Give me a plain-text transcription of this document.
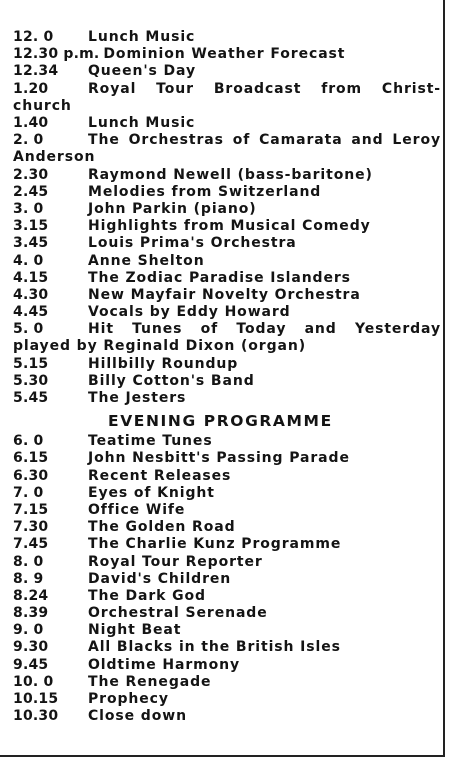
12. 0	Lunch Music
12.30 p.m. Dominion Weather Forecast
12.34	Queen's Day
1.20	Royal Tour Broadcast from Christ-church
1.40	Lunch Music
2. 0	The Orchestras of Camarata and Leroy Anderson
2.30	Raymond Newell (bass-baritone)
2.45	Melodies from Switzerland
3. 0	John Parkin (piano)
3.15	Highlights from Musical Comedy
3.45	Louis Prima's Orchestra
4. 0	Anne Shelton
4.15	The Zodiac Paradise Islanders
4.30	New Mayfair Novelty Orchestra
4.45	Vocals by Eddy Howard
5. 0	Hit Tunes of Today and Yesterday played by Reginald Dixon (organ)
5.15	Hillbilly Roundup
5.30	Billy Cotton's Band
5.45	The Jesters
EVENING PROGRAMME
6. 0	Teatime Tunes
6.15	John Nesbitt's Passing Parade
6.30	Recent Releases
7. 0	Eyes of Knight
7.15	Office Wife
7.30	The Golden Road
7.45	The Charlie Kunz Programme
8. 0	Royal Tour Reporter
8. 9	David's Children
8.24	The Dark God
8.39	Orchestral Serenade
9. 0	Night Beat
9.30	All Blacks in the British Isles
9.45	Oldtime Harmony
10. 0	The Renegade
10.15	Prophecy
10.30	Close down
